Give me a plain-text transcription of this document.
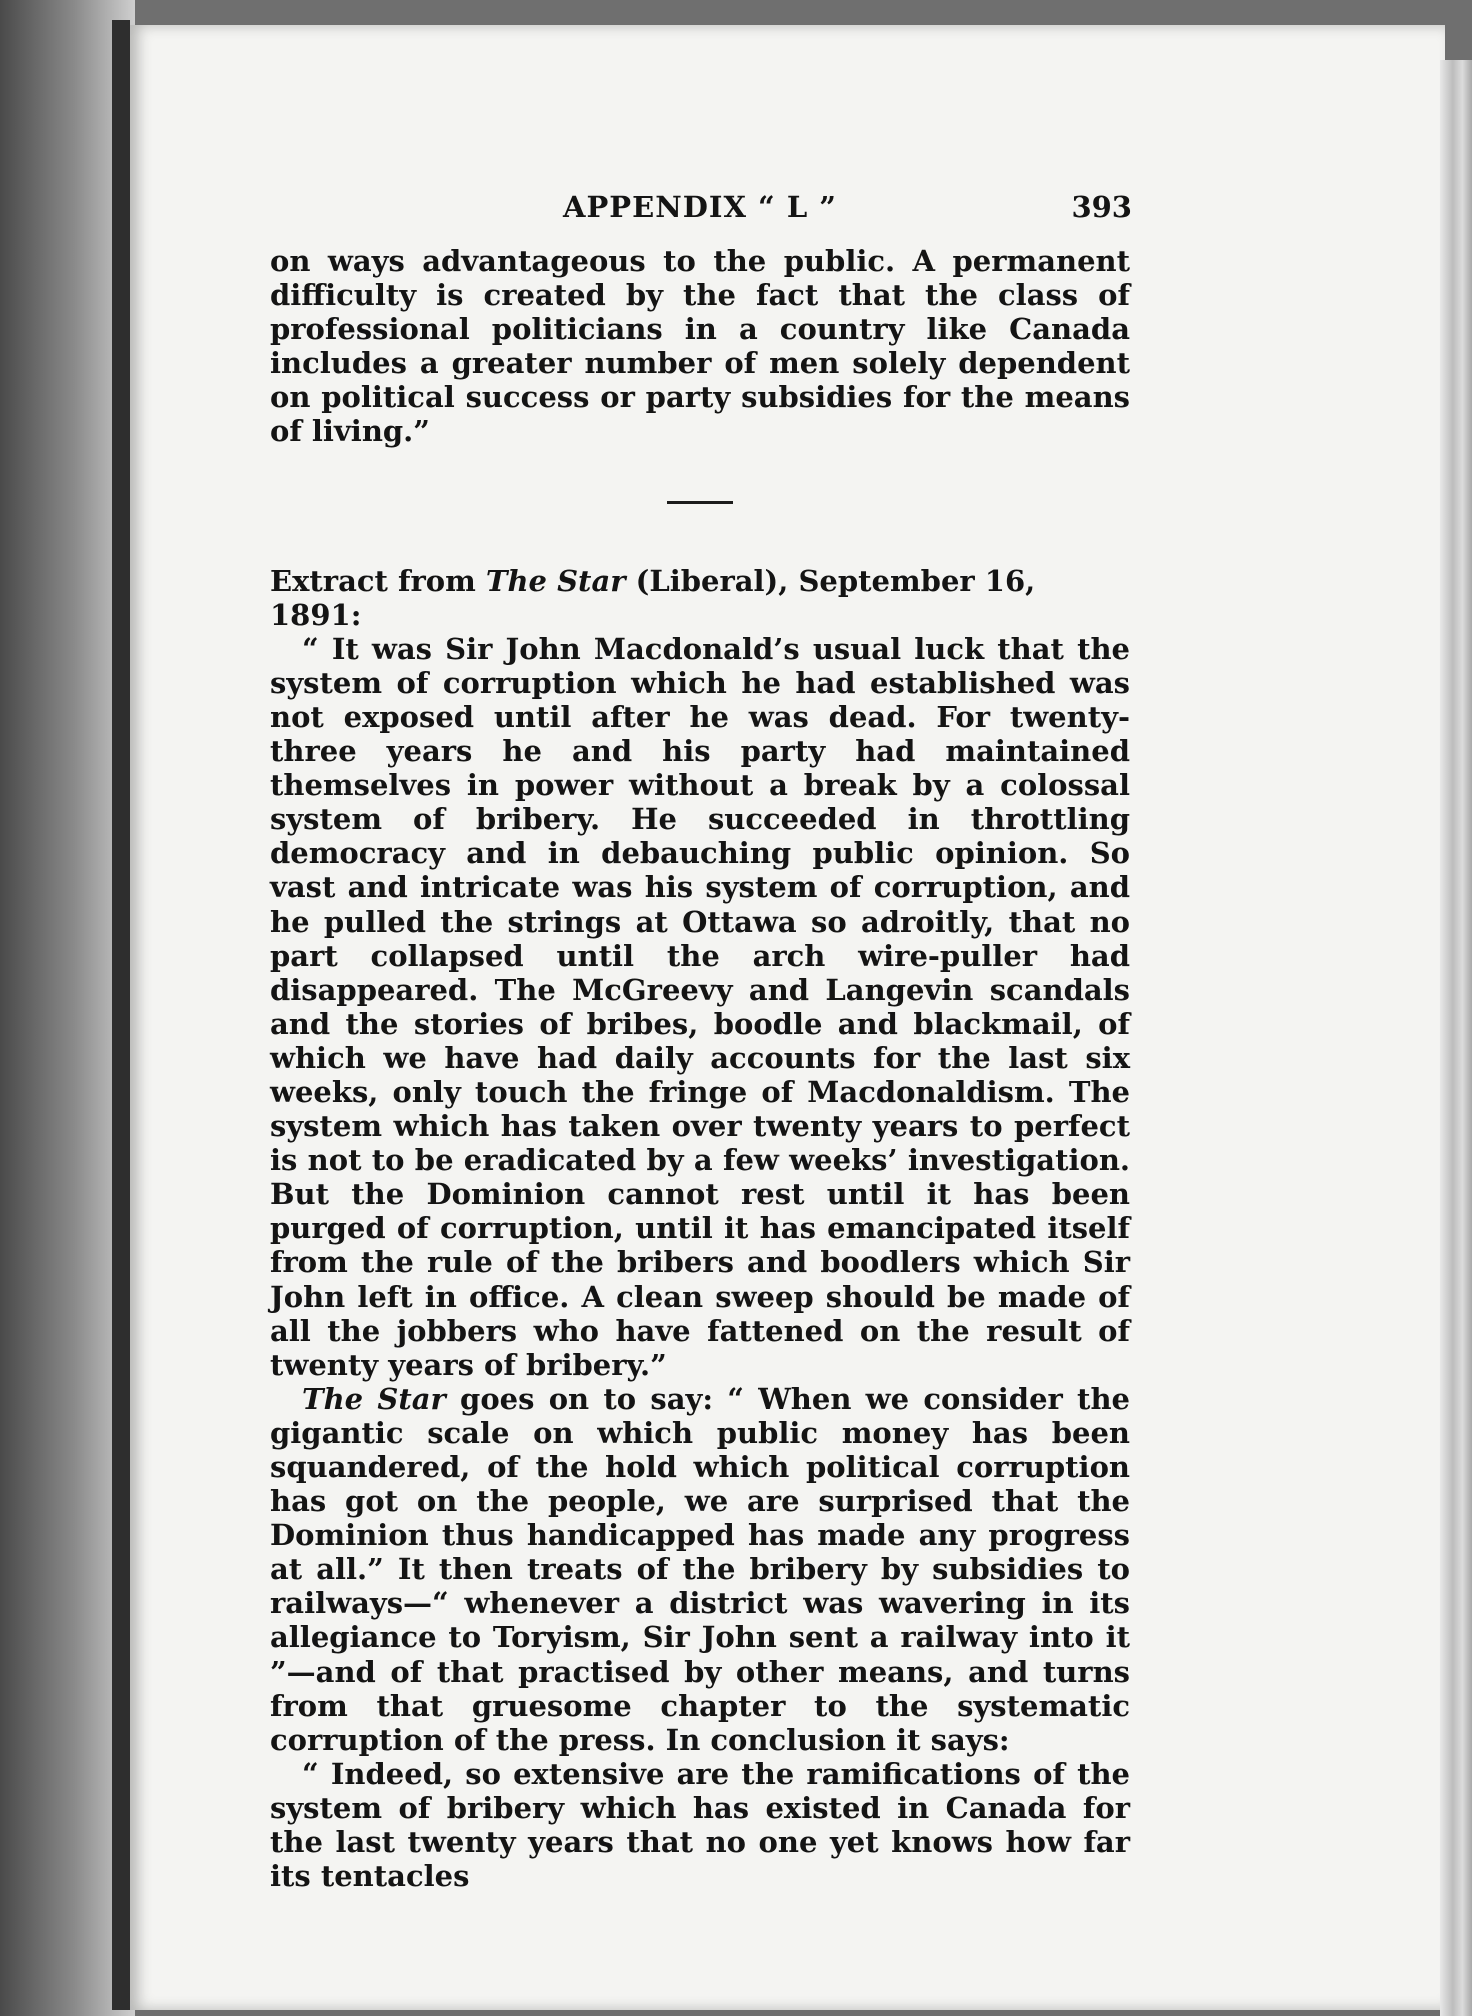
APPENDIX “ L ”	393

on ways advantageous to the public. A permanent difficulty is created by the fact that the class of professional politicians in a country like Canada includes a greater number of men solely dependent on political success or party subsidies for the means of living.”

Extract from The Star (Liberal), September 16, 1891:

“ It was Sir John Macdonald’s usual luck that the system of corruption which he had established was not exposed until after he was dead. For twenty-three years he and his party had maintained themselves in power without a break by a colossal system of bribery. He succeeded in throttling democracy and in debauching public opinion. So vast and intricate was his system of corruption, and he pulled the strings at Ottawa so adroitly, that no part collapsed until the arch wire-puller had disappeared. The McGreevy and Langevin scandals and the stories of bribes, boodle and blackmail, of which we have had daily accounts for the last six weeks, only touch the fringe of Macdonaldism. The system which has taken over twenty years to perfect is not to be eradicated by a few weeks’ investigation. But the Dominion cannot rest until it has been purged of corruption, until it has emancipated itself from the rule of the bribers and boodlers which Sir John left in office. A clean sweep should be made of all the jobbers who have fattened on the result of twenty years of bribery.”

The Star goes on to say: “ When we consider the gigantic scale on which public money has been squandered, of the hold which political corruption has got on the people, we are surprised that the Dominion thus handicapped has made any progress at all.” It then treats of the bribery by subsidies to railways—“ whenever a district was wavering in its allegiance to Toryism, Sir John sent a railway into it ”—and of that practised by other means, and turns from that gruesome chapter to the systematic corruption of the press. In conclusion it says:

“ Indeed, so extensive are the ramifications of the system of bribery which has existed in Canada for the last twenty years that no one yet knows how far its tentacles
